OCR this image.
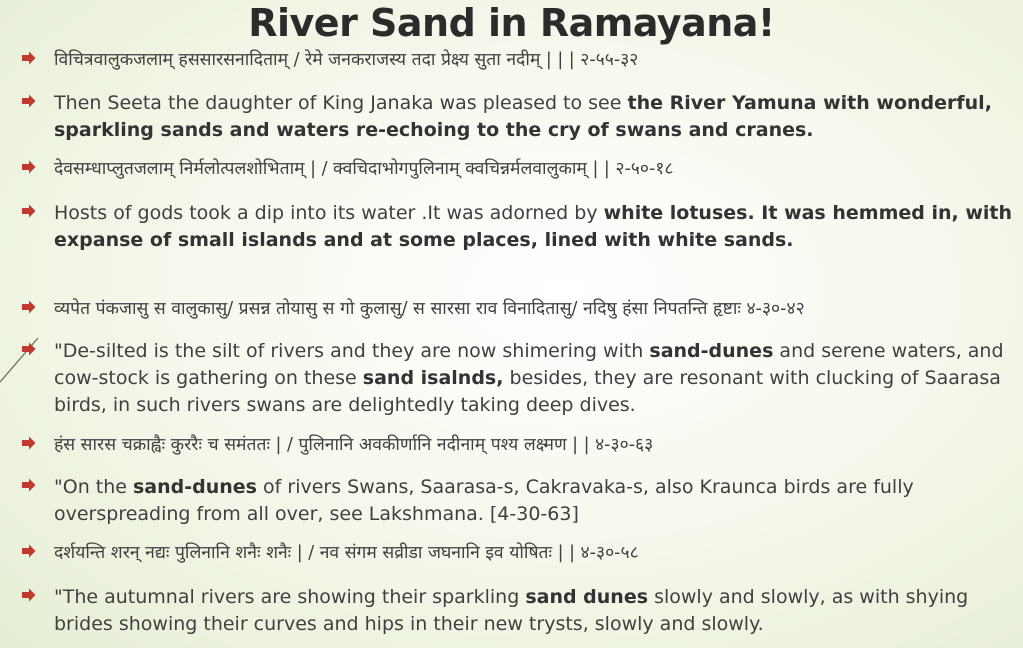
River Sand in Ramayana!
विचित्रवालुकजलाम् हससारसनादिताम् / रेमे जनकराजस्य तदा प्रेक्ष्य सुता नदीम् | | | २-५५-३२
Then Seeta the daughter of King Janaka was pleased to see the River Yamuna with wonderful, sparkling sands and waters re-echoing to the cry of swans and cranes.
देवसम्धाप्लुतजलाम् निर्मलोत्पलशोभिताम् | / क्वचिदाभोगपुलिनाम् क्वचिन्नर्मलवालुकाम् | | २-५०-१८
Hosts of gods took a dip into its water .It was adorned by white lotuses. It was hemmed in, with expanse of small islands and at some places, lined with white sands.
व्यपेत पंकजासु स वालुकासु/ प्रसन्न तोयासु स गो कुलासु/ स सारसा राव विनादितासु/ नदिषु हंसा निपतन्ति हृष्टाः ४-३०-४२
"De-silted is the silt of rivers and they are now shimering with sand-dunes and serene waters, and cow-stock is gathering on these sand isalnds, besides, they are resonant with clucking of Saarasa birds, in such rivers swans are delightedly taking deep dives.
हंस सारस चक्राह्वैः कुररैः च समंततः | / पुलिनानि अवकीर्णानि नदीनाम् पश्य लक्ष्मण | | ४-३०-६३
"On the sand-dunes of rivers Swans, Saarasa-s, Cakravaka-s, also Kraunca birds are fully overspreading from all over, see Lakshmana. [4-30-63]
दर्शयन्ति शरन् नद्यः पुलिनानि शनैः शनैः | / नव संगम सव्रीडा जघनानि इव योषितः | | ४-३०-५८
"The autumnal rivers are showing their sparkling sand dunes slowly and slowly, as with shying brides showing their curves and hips in their new trysts, slowly and slowly.
